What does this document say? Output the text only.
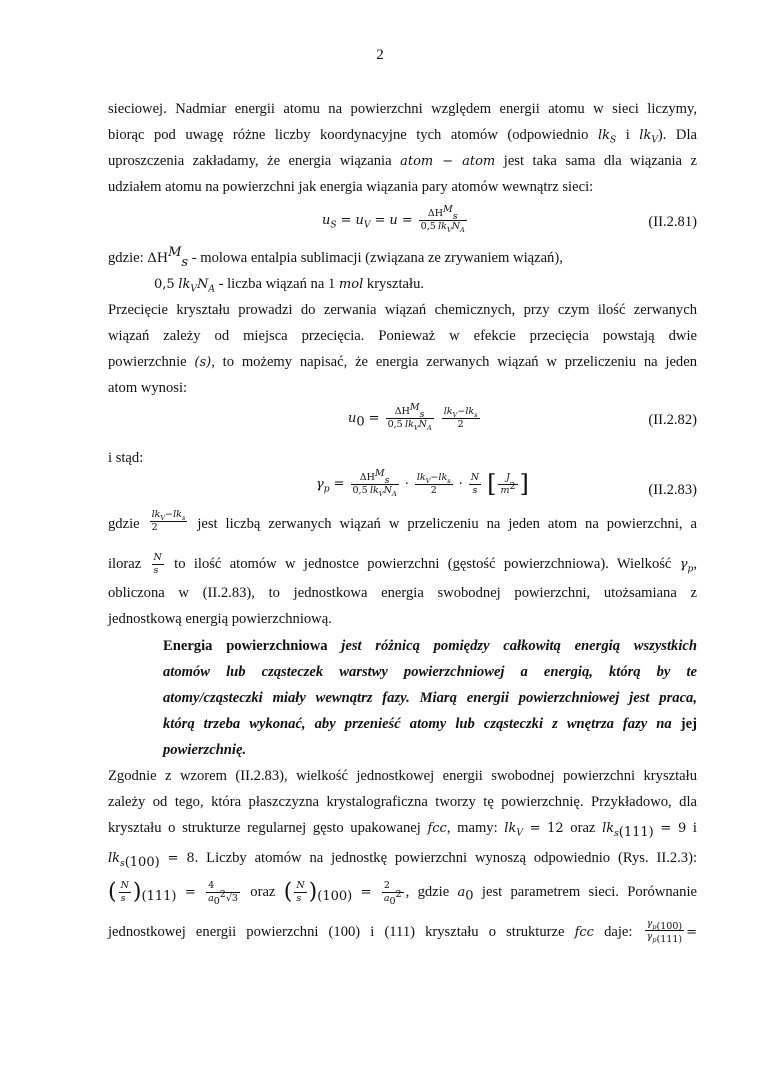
2
sieciowej. Nadmiar energii atomu na powierzchni względem energii atomu w sieci liczymy,
biorąc pod uwagę różne liczby koordynacyjne tych atomów (odpowiednio $lk_S$ i $lk_V$). Dla
uproszczenia zakładamy, że energia wiązania atom − atom jest taka sama dla wiązania z
udziałem atomu na powierzchni jak energia wiązania pary atomów wewnątrz sieci:
$u_S = u_V = u = \frac{\Delta H^M_s}{0,5 lk_VN_A}$	(II.2.81)
gdzie: $\Delta H^M_s$ - molowa entalpia sublimacji (związana ze zrywaniem wiązań),
0,5 $lk_VN_A$ - liczba wiązań na 1 mol kryształu.
Przecięcie kryształu prowadzi do zerwania wiązań chemicznych, przy czym ilość zerwanych
wiązań zależy od miejsca przecięcia. Ponieważ w efekcie przecięcia powstają dwie
powierzchnie (s), to możemy napisać, że energia zerwanych wiązań w przeliczeniu na jeden
atom wynosi:
$u_0 = \frac{\Delta H^M_s}{0,5 lk_VN_A}$
$\frac{lk_V-lk_s}{2}$	(II.2.82)
i stąd:
$\gamma_p = \frac{\Delta H^M_s}{0,5 lk_VN_A} \cdot \frac{lk_V-lk_s}{2} \cdot \frac{N}{s}$ [ $\frac{J}{m^2}$ ]	(II.2.83)
gdzie $\frac{lk_V-lk_s}{2}$ jest liczbą zerwanych wiązań w przeliczeniu na jeden atom na powierzchni, a
iloraz $\frac{N}{s}$ to ilość atomów w jednostce powierzchni (gęstość powierzchniowa). Wielkość $\gamma_p$,
obliczona w (II.2.83), to jednostkowa energia swobodnej powierzchni, utożsamiana z
jednostkową energią powierzchniową.
Energia powierzchniowa jest różnicą pomiędzy całkowitą energią wszystkich
atomów lub cząsteczek warstwy powierzchniowej a energią, którą by te
atomy/cząsteczki miały wewnątrz fazy. Miarą energii powierzchniowej jest praca,
którą trzeba wykonać, aby przenieść atomy lub cząsteczki z wnętrza fazy na jej
powierzchnię.
Zgodnie z wzorem (II.2.83), wielkość jednostkowej energii swobodnej powierzchni kryształu
zależy od tego, która płaszczyzna krystalograficzna tworzy tę powierzchnię. Przykładowo, dla
kryształu o strukturze regularnej gęsto upakowanej fcc, mamy: $lk_V = 12$ oraz $lk_{s(111)} = 9$ i
$lk_{s(100)} = 8$. Liczby atomów na jednostkę powierzchni wynoszą odpowiednio (Rys. II.2.3):
( $\frac{N}{s} )_{(111)} = \frac{4}{a_0^2√3}$ oraz ( $\frac{N}{s} )_{(100)} = \frac{2}{a_0^2}$ , gdzie $a_0$ jest parametrem sieci. Porównanie
jednostkowej energii powierzchni (100) i (111) kryształu o strukturze fcc daje: $\frac{\gamma_{p(100)}}{\gamma_{p(111)}}$ =
